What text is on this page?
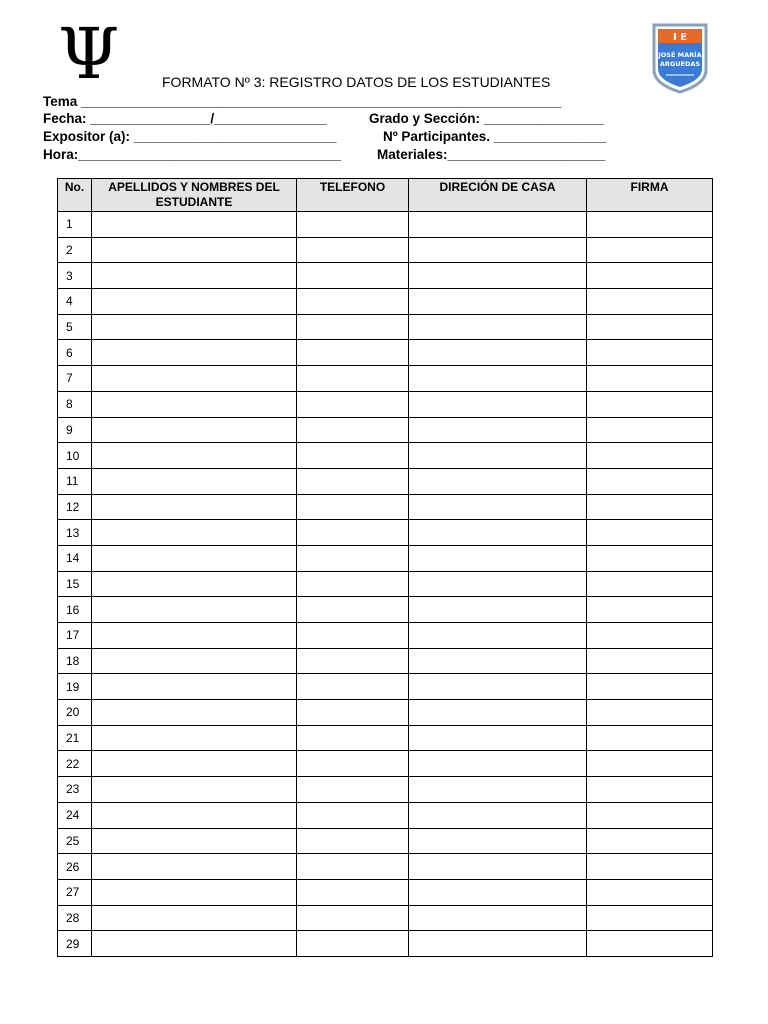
Ψ	I E
JOSÉ MARÍA
ARGUEDAS
FORMATO Nº 3: REGISTRO DATOS DE LOS ESTUDIANTES
Tema ________________________________________________________________
Fecha: ________________/_______________	Grado y Sección: ________________
Expositor (a): ___________________________	Nº Participantes. _______________
Hora:___________________________________	Materiales:_____________________
No.	APELLIDOS Y NOMBRES DEL ESTUDIANTE	TELEFONO	DIRECIÓN DE CASA	FIRMA
1				
2				
3				
4				
5				
6				
7				
8				
9				
10				
11				
12				
13				
14				
15				
16				
17				
18				
19				
20				
21				
22				
23				
24				
25				
26				
27				
28				
29				
